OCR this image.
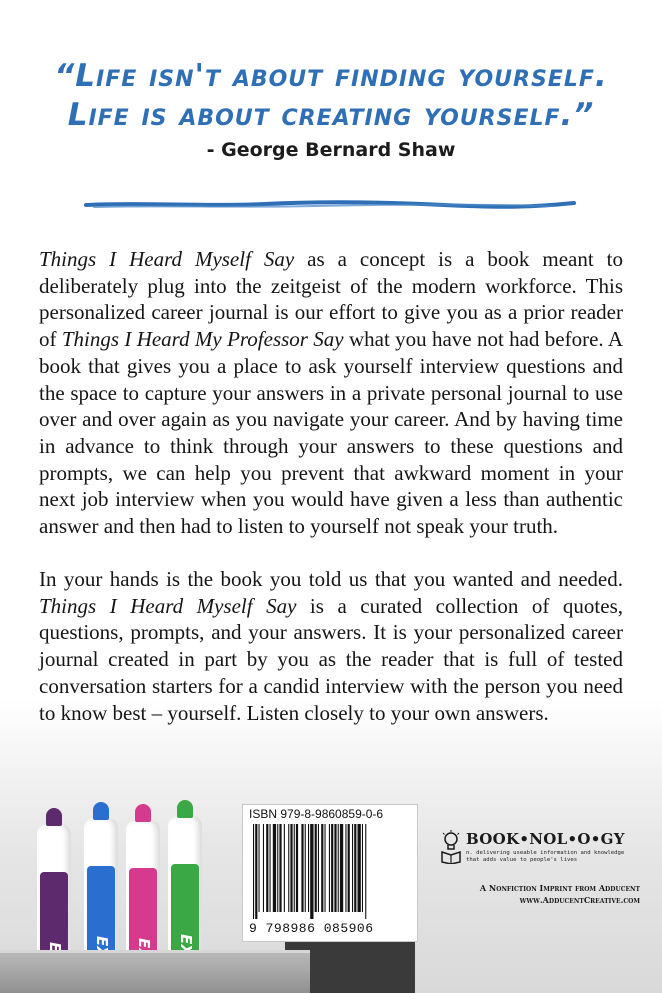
“Life isn't about finding yourself.
Life is about creating yourself.”
- George Bernard Shaw

Things I Heard Myself Say as a concept is a book meant to deliberately plug into the zeitgeist of the modern workforce. This personalized career journal is our effort to give you as a prior reader of Things I Heard My Professor Say what you have not had before. A book that gives you a place to ask yourself interview questions and the space to capture your answers in a private personal journal to use over and over again as you navigate your career. And by having time in advance to think through your answers to these questions and prompts, we can help you prevent that awkward moment in your next job interview when you would have given a less than authentic answer and then had to listen to yourself not speak your truth.

In your hands is the book you told us that you wanted and needed. Things I Heard Myself Say is a curated collection of quotes, questions, prompts, and your answers. It is your personalized career journal created in part by you as the reader that is full of tested conversation starters for a candid interview with the person you need to know best – yourself. Listen closely to your own answers.

ISBN 979-8-9860859-0-6
9 798986 085906
BOOK•NOL•O•GY
n. delivering useable information and knowledge that adds value to people's lives
A Nonfiction Imprint from Adducent
www.AdducentCreative.com
